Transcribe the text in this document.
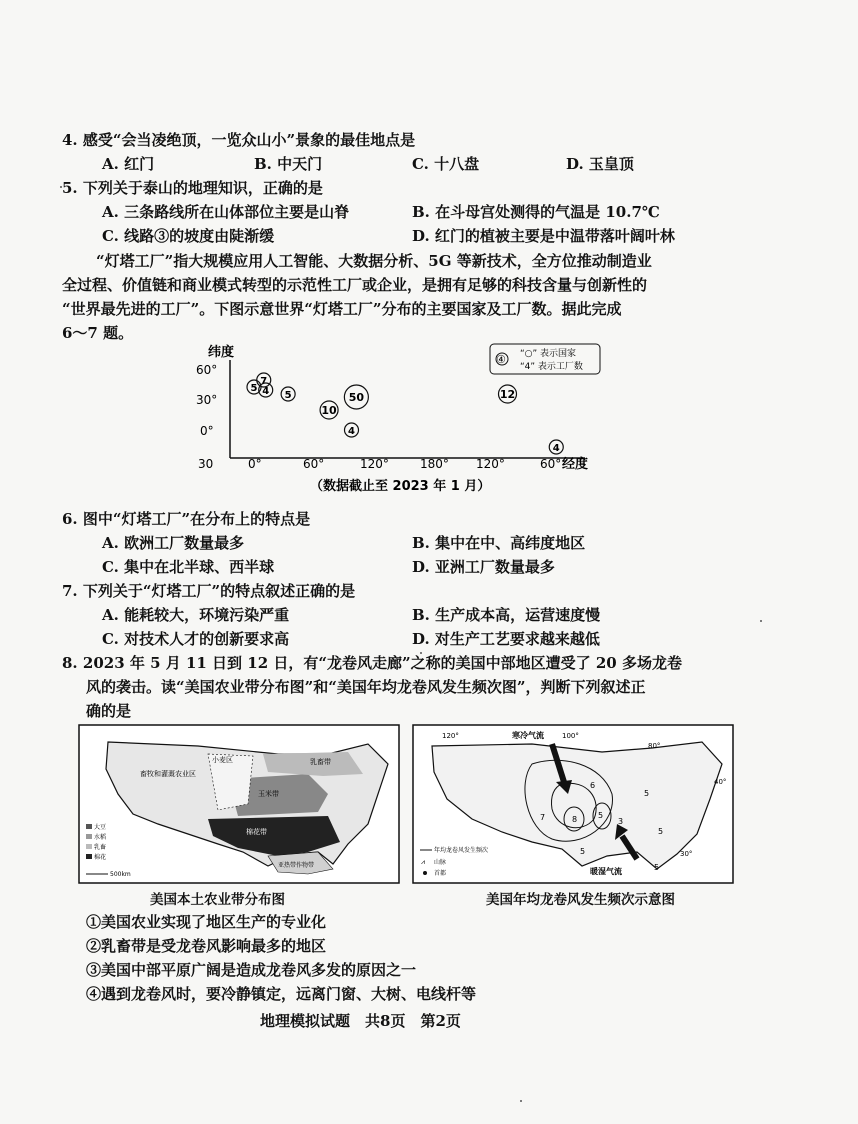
4. 感受“会当凌绝顶，一览众山小”景象的最佳地点是
A. 红门	B. 中天门	C. 十八盘	D. 玉皇顶
5. 下列关于泰山的地理知识，正确的是
A. 三条路线所在山体部位主要是山脊	B. 在斗母宫处测得的气温是 10.7℃
C. 线路③的坡度由陡渐缓	D. 红门的植被主要是中温带落叶阔叶林
“灯塔工厂”指大规模应用人工智能、大数据分析、5G 等新技术，全方位推动制造业
全过程、价值链和商业模式转型的示范性工厂或企业，是拥有足够的科技含量与创新性的
“世界最先进的工厂”。下图示意世界“灯塔工厂”分布的主要国家及工厂数。据此完成
6～7 题。
纬度
60°
30°
0°
30	0°	60°	120°	180° 120°	60° 经度
5
7
4 5
10
50
4
12
4
④ “○” 表示国家
“4” 表示工厂数
（数据截止至 2023 年 1 月）
6. 图中“灯塔工厂”在分布上的特点是
A. 欧洲工厂数量最多	B. 集中在中、高纬度地区
C. 集中在北半球、西半球	D. 亚洲工厂数量最多
7. 下列关于“灯塔工厂”的特点叙述正确的是
A. 能耗较大，环境污染严重	B. 生产成本高，运营速度慢
C. 对技术人才的创新要求高	D. 对生产工艺要求越来越低
8. 2023 年 5 月 11 日到 12 日，有“龙卷风走廊”之称的美国中部地区遭受了 20 多场龙卷
风的袭击。读“美国农业带分布图”和“美国年均龙卷风发生频次图”，判断下列叙述正
确的是
畜牧和灌溉农业区
小麦区	乳畜带
玉米带
棉花带
亚热带作物带
大豆
水稻
乳畜
棉花
500km
美国本土农业带分布图
寒冷气流
暖湿气流
120°	100°
80°
40°
30°
6
5
3
7	8
5
5
5
5
年均龙卷风发生频次
⩘ 山脉
首都
美国年均龙卷风发生频次示意图
①美国农业实现了地区生产的专业化
②乳畜带是受龙卷风影响最多的地区
③美国中部平原广阔是造成龙卷风多发的原因之一
④遇到龙卷风时，要冷静镇定，远离门窗、大树、电线杆等
地理模拟试题　共8页　第2页
